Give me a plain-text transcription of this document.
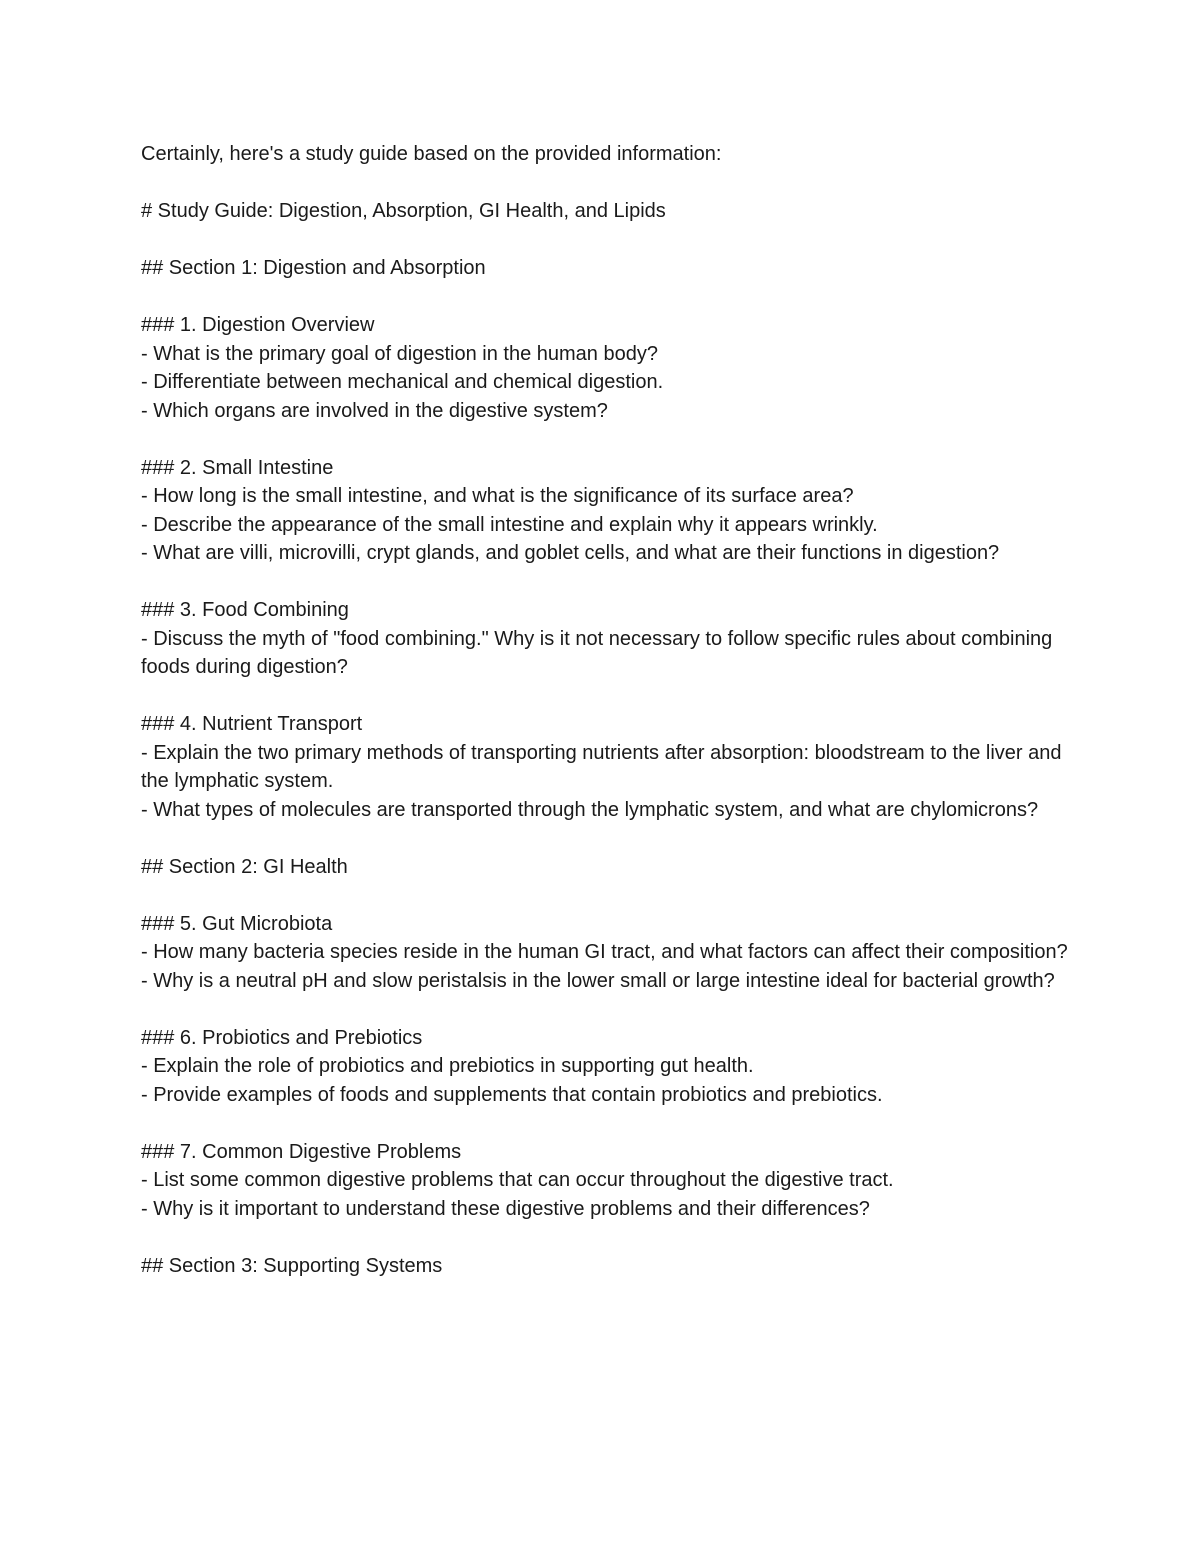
Certainly, here's a study guide based on the provided information:
# Study Guide: Digestion, Absorption, GI Health, and Lipids
## Section 1: Digestion and Absorption
### 1. Digestion Overview
- What is the primary goal of digestion in the human body?
- Differentiate between mechanical and chemical digestion.
- Which organs are involved in the digestive system?
### 2. Small Intestine
- How long is the small intestine, and what is the significance of its surface area?
- Describe the appearance of the small intestine and explain why it appears wrinkly.
- What are villi, microvilli, crypt glands, and goblet cells, and what are their functions in digestion?
### 3. Food Combining
- Discuss the myth of "food combining." Why is it not necessary to follow specific rules about combining foods during digestion?
### 4. Nutrient Transport
- Explain the two primary methods of transporting nutrients after absorption: bloodstream to the liver and the lymphatic system.
- What types of molecules are transported through the lymphatic system, and what are chylomicrons?
## Section 2: GI Health
### 5. Gut Microbiota
- How many bacteria species reside in the human GI tract, and what factors can affect their composition?
- Why is a neutral pH and slow peristalsis in the lower small or large intestine ideal for bacterial growth?
### 6. Probiotics and Prebiotics
- Explain the role of probiotics and prebiotics in supporting gut health.
- Provide examples of foods and supplements that contain probiotics and prebiotics.
### 7. Common Digestive Problems
- List some common digestive problems that can occur throughout the digestive tract.
- Why is it important to understand these digestive problems and their differences?
## Section 3: Supporting Systems
